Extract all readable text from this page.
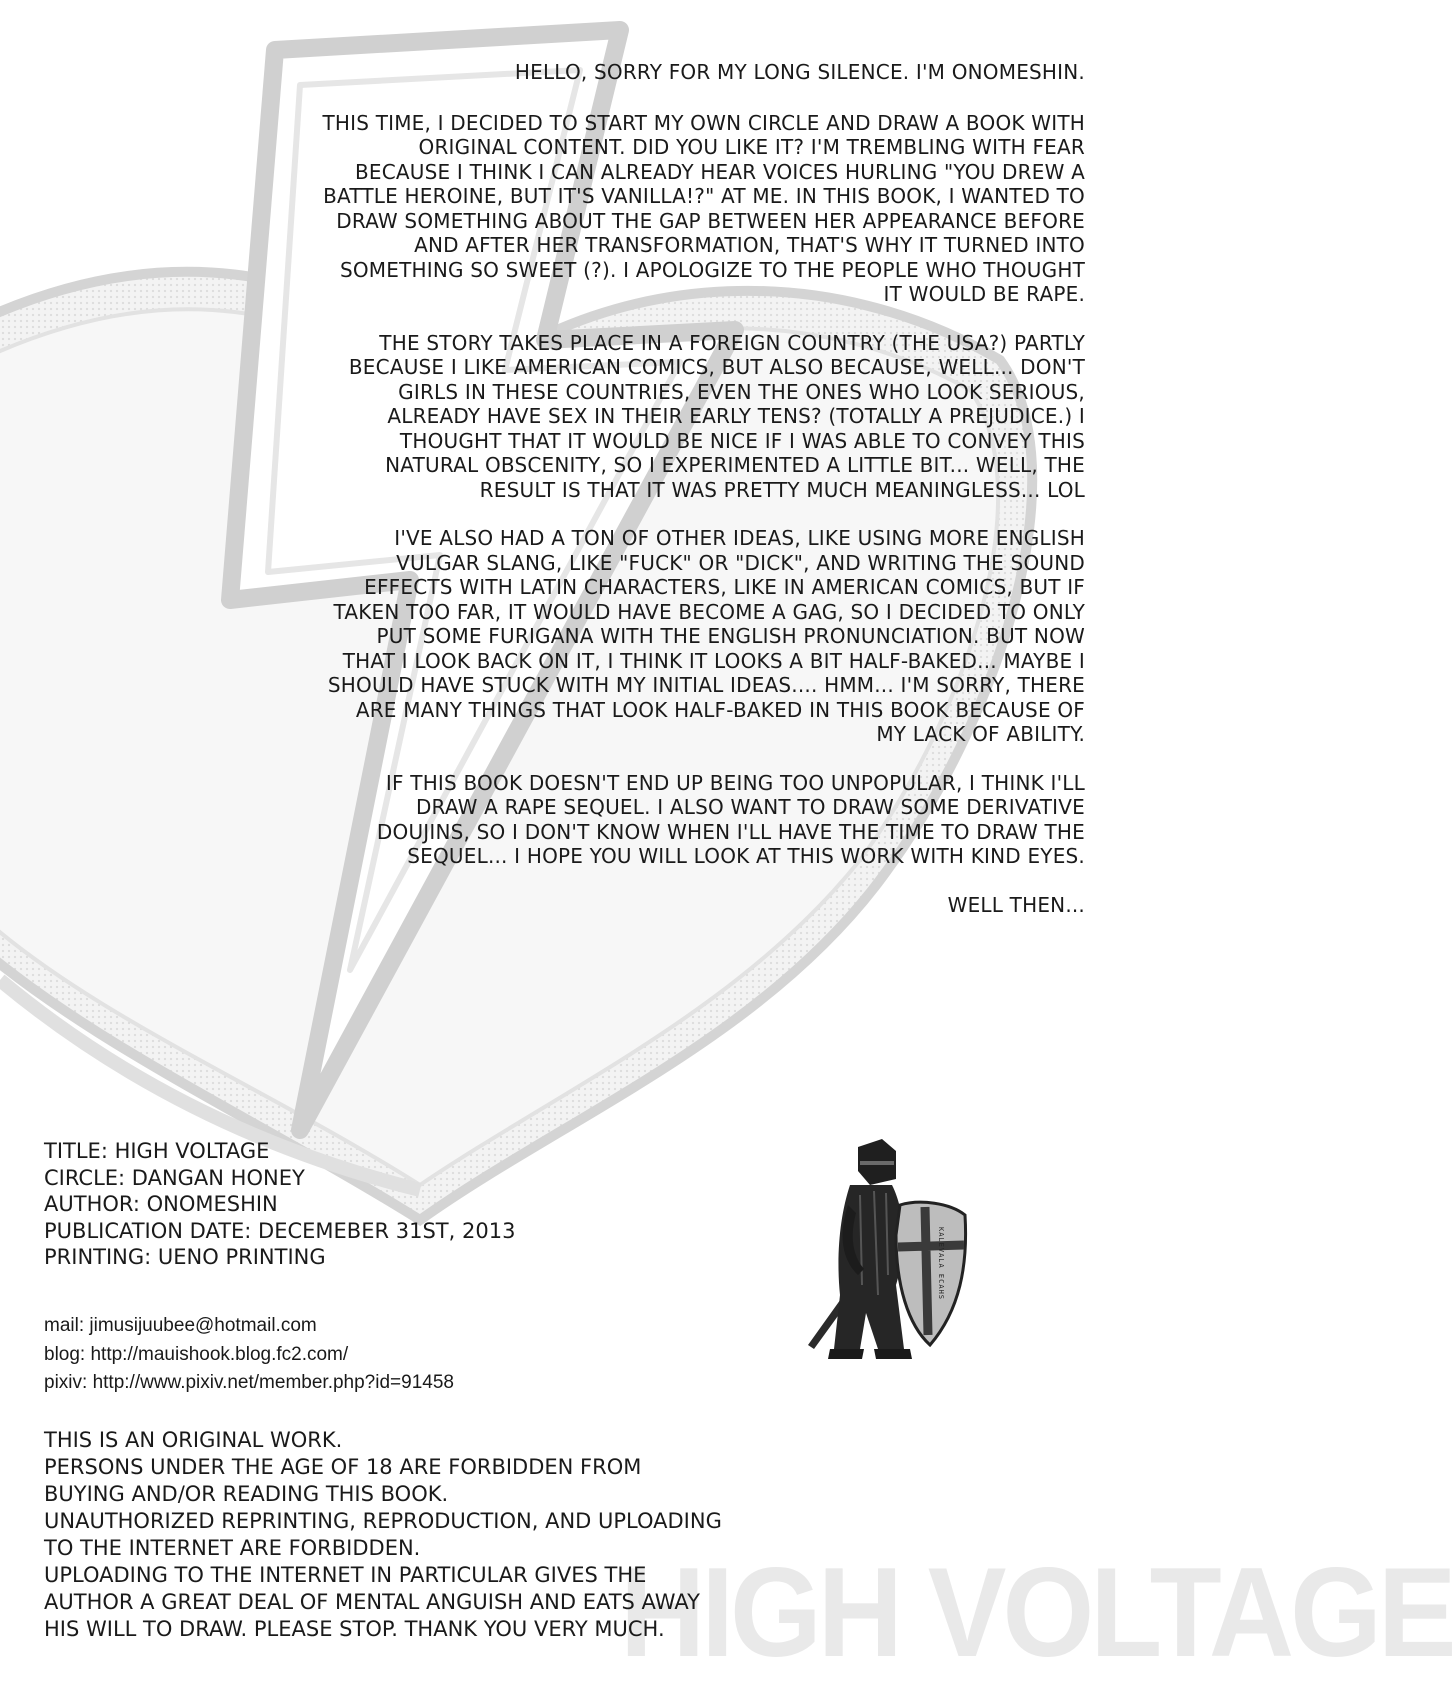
HIGH VOLTAGE

HELLO, SORRY FOR MY LONG SILENCE. I'M ONOMESHIN.

THIS TIME, I DECIDED TO START MY OWN CIRCLE AND DRAW A BOOK WITH ORIGINAL CONTENT. DID YOU LIKE IT? I'M TREMBLING WITH FEAR BECAUSE I THINK I CAN ALREADY HEAR VOICES HURLING "YOU DREW A BATTLE HEROINE, BUT IT'S VANILLA!?" AT ME. IN THIS BOOK, I WANTED TO DRAW SOMETHING ABOUT THE GAP BETWEEN HER APPEARANCE BEFORE AND AFTER HER TRANSFORMATION, THAT'S WHY IT TURNED INTO SOMETHING SO SWEET (?). I APOLOGIZE TO THE PEOPLE WHO THOUGHT IT WOULD BE RAPE.

THE STORY TAKES PLACE IN A FOREIGN COUNTRY (THE USA?) PARTLY BECAUSE I LIKE AMERICAN COMICS, BUT ALSO BECAUSE, WELL... DON'T GIRLS IN THESE COUNTRIES, EVEN THE ONES WHO LOOK SERIOUS, ALREADY HAVE SEX IN THEIR EARLY TENS? (TOTALLY A PREJUDICE.) I THOUGHT THAT IT WOULD BE NICE IF I WAS ABLE TO CONVEY THIS NATURAL OBSCENITY, SO I EXPERIMENTED A LITTLE BIT... WELL, THE RESULT IS THAT IT WAS PRETTY MUCH MEANINGLESS... LOL

I'VE ALSO HAD A TON OF OTHER IDEAS, LIKE USING MORE ENGLISH VULGAR SLANG, LIKE "FUCK" OR "DICK", AND WRITING THE SOUND EFFECTS WITH LATIN CHARACTERS, LIKE IN AMERICAN COMICS, BUT IF TAKEN TOO FAR, IT WOULD HAVE BECOME A GAG, SO I DECIDED TO ONLY PUT SOME FURIGANA WITH THE ENGLISH PRONUNCIATION. BUT NOW THAT I LOOK BACK ON IT, I THINK IT LOOKS A BIT HALF-BAKED... MAYBE I SHOULD HAVE STUCK WITH MY INITIAL IDEAS.... HMM... I'M SORRY, THERE ARE MANY THINGS THAT LOOK HALF-BAKED IN THIS BOOK BECAUSE OF MY LACK OF ABILITY.

IF THIS BOOK DOESN'T END UP BEING TOO UNPOPULAR, I THINK I'LL DRAW A RAPE SEQUEL. I ALSO WANT TO DRAW SOME DERIVATIVE DOUJINS, SO I DON'T KNOW WHEN I'LL HAVE THE TIME TO DRAW THE SEQUEL... I HOPE YOU WILL LOOK AT THIS WORK WITH KIND EYES.

WELL THEN...

TITLE: HIGH VOLTAGE
CIRCLE: DANGAN HONEY
AUTHOR: ONOMESHIN
PUBLICATION DATE: DECEMEBER 31ST, 2013
PRINTING: UENO PRINTING
mail: jimusijuubee@hotmail.com
blog: http://mauishook.blog.fc2.com/
pixiv: http://www.pixiv.net/member.php?id=91458
THIS IS AN ORIGINAL WORK.
PERSONS UNDER THE AGE OF 18 ARE FORBIDDEN FROM
BUYING AND/OR READING THIS BOOK.
UNAUTHORIZED REPRINTING, REPRODUCTION, AND UPLOADING
TO THE INTERNET ARE FORBIDDEN.
UPLOADING TO THE INTERNET IN PARTICULAR GIVES THE
AUTHOR A GREAT DEAL OF MENTAL ANGUISH AND EATS AWAY
HIS WILL TO DRAW. PLEASE STOP. THANK YOU VERY MUCH.
KALEVALA ECAHS
